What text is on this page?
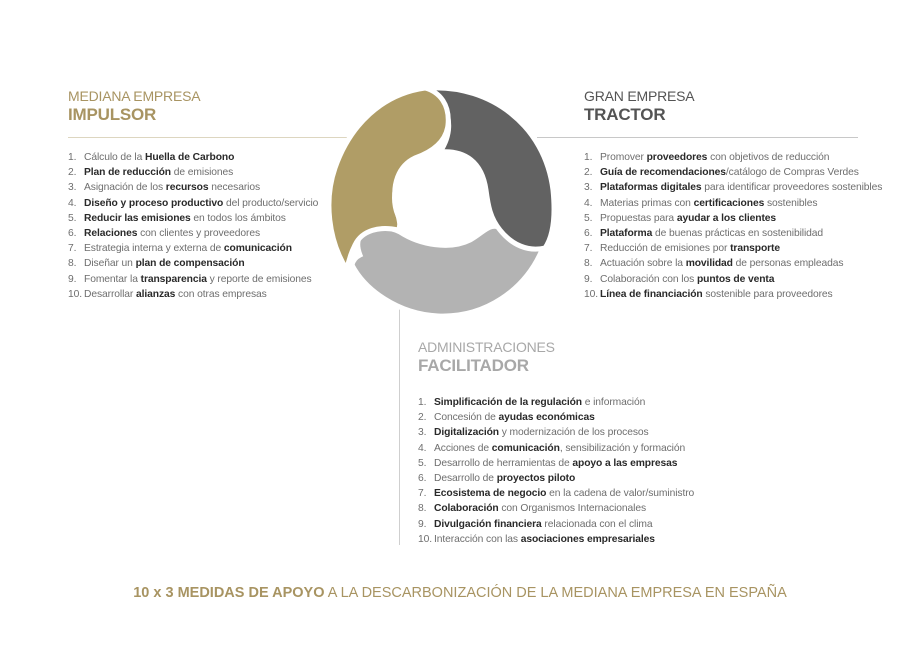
MEDIANA EMPRESA
IMPULSOR
1. Cálculo de la Huella de Carbono
2. Plan de reducción de emisiones
3. Asignación de los recursos necesarios
4. Diseño y proceso productivo del producto/servicio
5. Reducir las emisiones en todos los ámbitos
6. Relaciones con clientes y proveedores
7. Estrategia interna y externa de comunicación
8. Diseñar un plan de compensación
9. Fomentar la transparencia y reporte de emisiones
10. Desarrollar alianzas con otras empresas
GRAN EMPRESA
TRACTOR
1. Promover proveedores con objetivos de reducción
2. Guía de recomendaciones/catálogo de Compras Verdes
3. Plataformas digitales para identificar proveedores sostenibles
4. Materias primas con certificaciones sostenibles
5. Propuestas para ayudar a los clientes
6. Plataforma de buenas prácticas en sostenibilidad
7. Reducción de emisiones por transporte
8. Actuación sobre la movilidad de personas empleadas
9. Colaboración con los puntos de venta
10. Línea de financiación sostenible para proveedores
ADMINISTRACIONES
FACILITADOR
1. Simplificación de la regulación e información
2. Concesión de ayudas económicas
3. Digitalización y modernización de los procesos
4. Acciones de comunicación, sensibilización y formación
5. Desarrollo de herramientas de apoyo a las empresas
6. Desarrollo de proyectos piloto
7. Ecosistema de negocio en la cadena de valor/suministro
8. Colaboración con Organismos Internacionales
9. Divulgación financiera relacionada con el clima
10. Interacción con las asociaciones empresariales
10 x 3 MEDIDAS DE APOYO A LA DESCARBONIZACIÓN DE LA MEDIANA EMPRESA EN ESPAÑA
